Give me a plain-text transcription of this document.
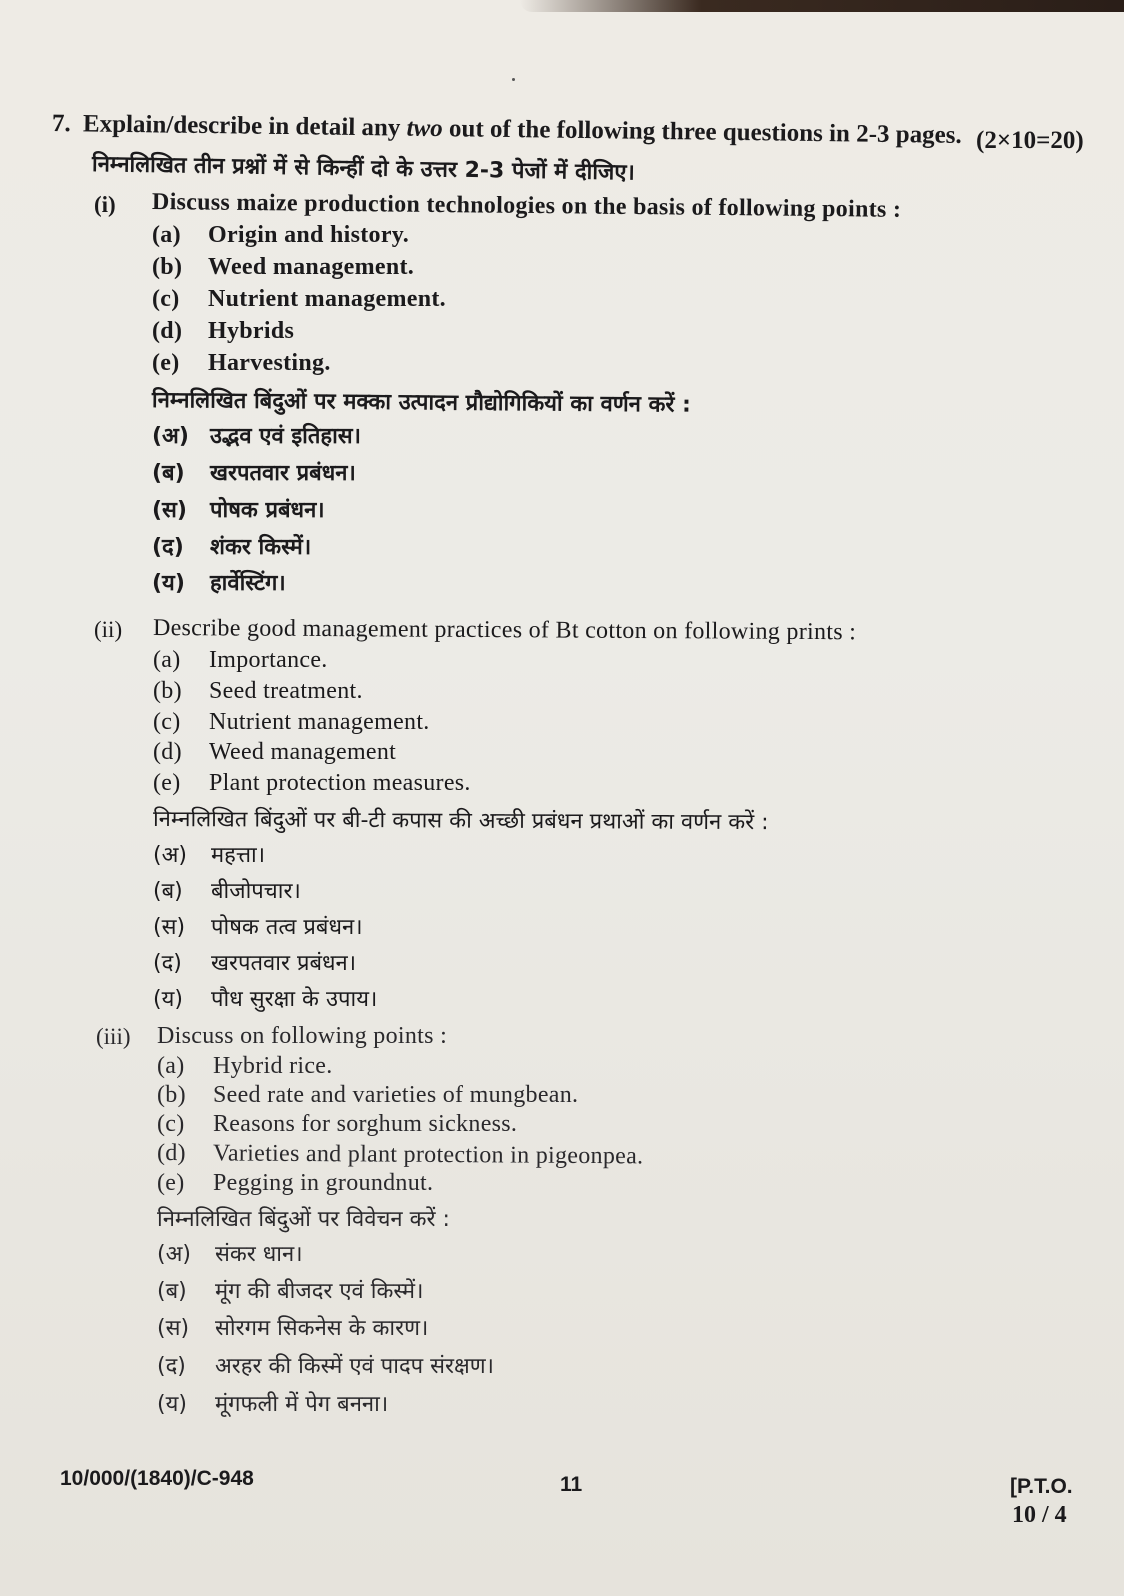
7. Explain/describe in detail any two out of the following three questions in 2-3 pages. (2×10=20)
निम्नलिखित तीन प्रश्नों में से किन्हीं दो के उत्तर 2-3 पेजों में दीजिए।
(i) Discuss maize production technologies on the basis of following points :
(a) Origin and history.
(b) Weed management.
(c) Nutrient management.
(d) Hybrids
(e) Harvesting.
निम्नलिखित बिंदुओं पर मक्का उत्पादन प्रौद्योगिकियों का वर्णन करें :
(अ) उद्भव एवं इतिहास।
(ब) खरपतवार प्रबंधन।
(स) पोषक प्रबंधन।
(द) शंकर किस्में।
(य) हार्वेस्टिंग।
(ii) Describe good management practices of Bt cotton on following prints :
(a) Importance.
(b) Seed treatment.
(c) Nutrient management.
(d) Weed management
(e) Plant protection measures.
निम्नलिखित बिंदुओं पर बी-टी कपास की अच्छी प्रबंधन प्रथाओं का वर्णन करें :
(अ) महत्ता।
(ब) बीजोपचार।
(स) पोषक तत्व प्रबंधन।
(द) खरपतवार प्रबंधन।
(य) पौध सुरक्षा के उपाय।
(iii) Discuss on following points :
(a) Hybrid rice.
(b) Seed rate and varieties of mungbean.
(c) Reasons for sorghum sickness.
(d) Varieties and plant protection in pigeonpea.
(e) Pegging in groundnut.
निम्नलिखित बिंदुओं पर विवेचन करें :
(अ) संकर धान।
(ब) मूंग की बीजदर एवं किस्में।
(स) सोरगम सिकनेस के कारण।
(द) अरहर की किस्में एवं पादप संरक्षण।
(य) मूंगफली में पेग बनना।
10/000/(1840)/C-948	11	[P.T.O.
10 / 4
